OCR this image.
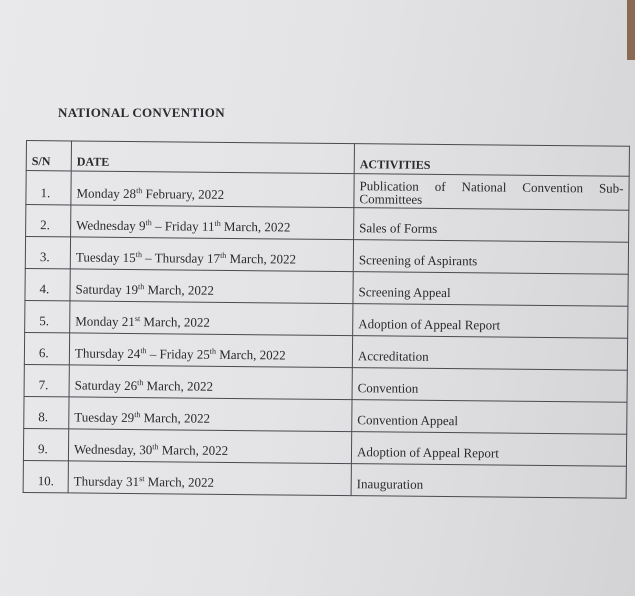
NATIONAL CONVENTION
S/N	DATE	ACTIVITIES
1.	Monday 28th February, 2022	Publication of National Convention Sub-Committees
2.	Wednesday 9th – Friday 11th March, 2022	Sales of Forms
3.	Tuesday 15th – Thursday 17th March, 2022	Screening of Aspirants
4.	Saturday 19th March, 2022	Screening Appeal
5.	Monday 21st March, 2022	Adoption of Appeal Report
6.	Thursday 24th – Friday 25th March, 2022	Accreditation
7.	Saturday 26th March, 2022	Convention
8.	Tuesday 29th March, 2022	Convention Appeal
9.	Wednesday, 30th March, 2022	Adoption of Appeal Report
10.	Thursday 31st March, 2022	Inauguration
